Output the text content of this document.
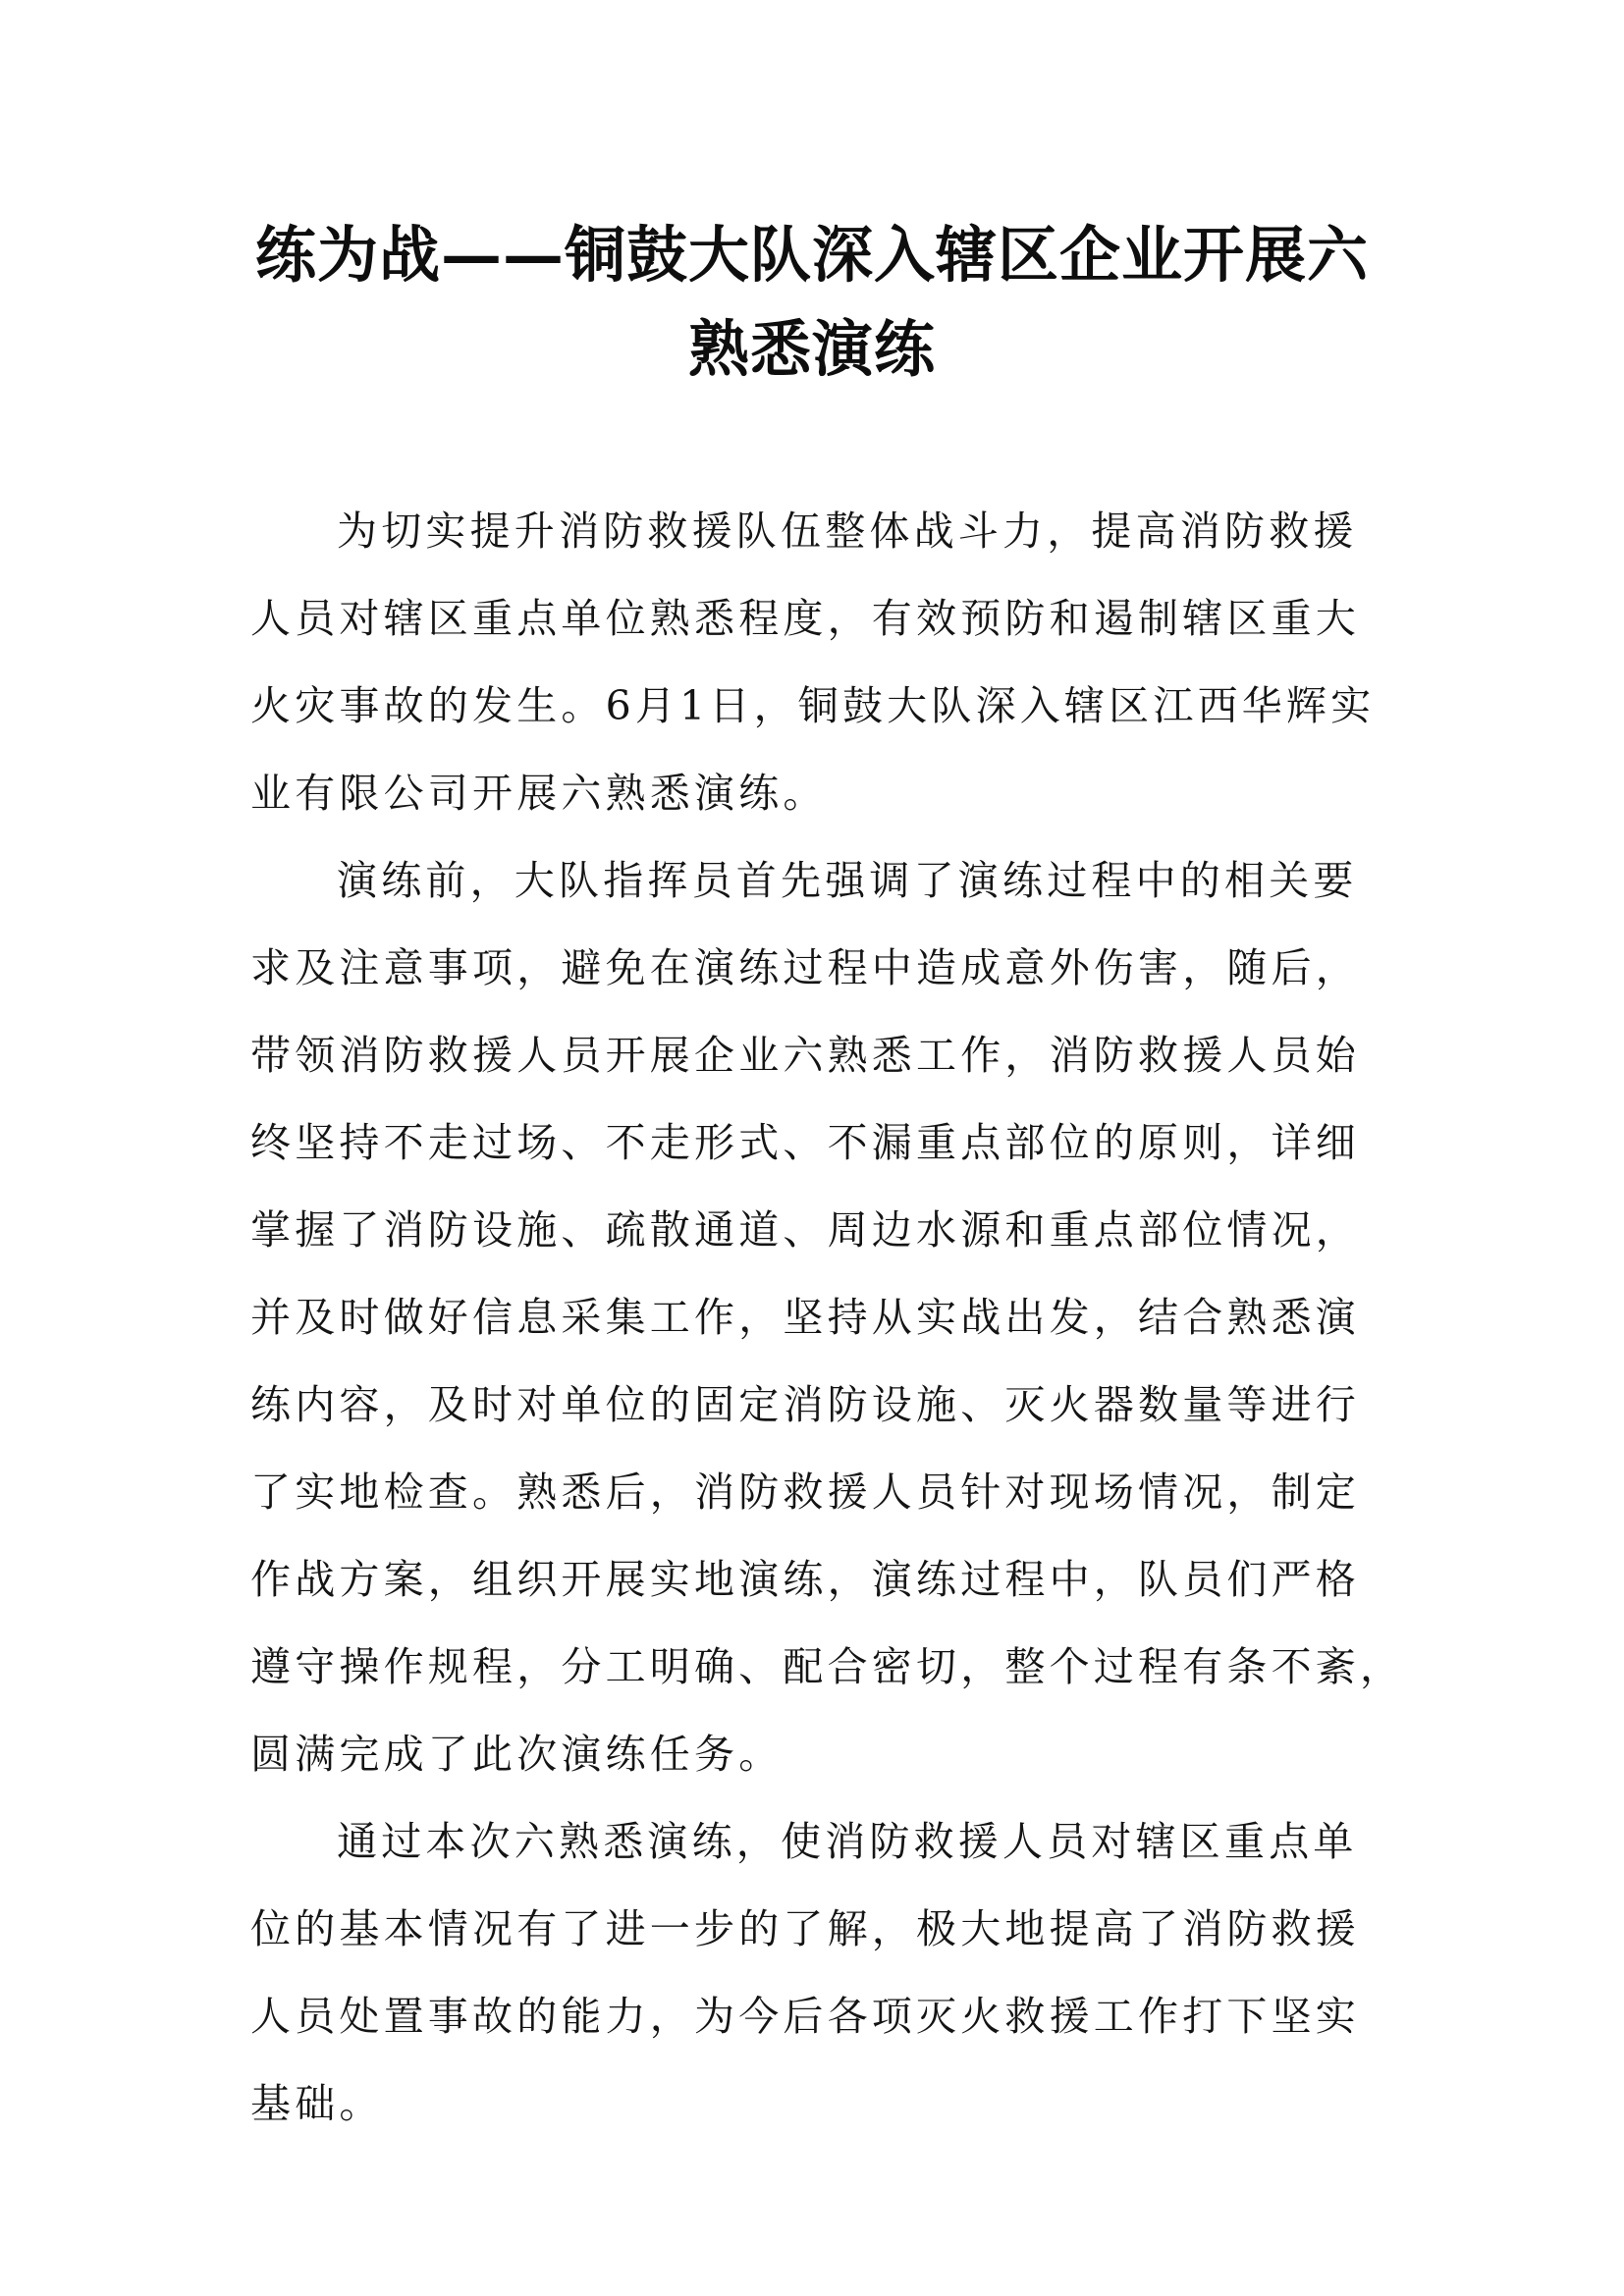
练为战——铜鼓大队深入辖区企业开展六
熟悉演练
为切实提升消防救援队伍整体战斗力，提高消防救援
人员对辖区重点单位熟悉程度，有效预防和遏制辖区重大
火灾事故的发生。6月1日，铜鼓大队深入辖区江西华辉实
业有限公司开展六熟悉演练。
演练前，大队指挥员首先强调了演练过程中的相关要
求及注意事项，避免在演练过程中造成意外伤害，随后，
带领消防救援人员开展企业六熟悉工作，消防救援人员始
终坚持不走过场、不走形式、不漏重点部位的原则，详细
掌握了消防设施、疏散通道、周边水源和重点部位情况，
并及时做好信息采集工作，坚持从实战出发，结合熟悉演
练内容，及时对单位的固定消防设施、灭火器数量等进行
了实地检查。熟悉后，消防救援人员针对现场情况，制定
作战方案，组织开展实地演练，演练过程中，队员们严格
遵守操作规程，分工明确、配合密切，整个过程有条不紊，
圆满完成了此次演练任务。
通过本次六熟悉演练，使消防救援人员对辖区重点单
位的基本情况有了进一步的了解，极大地提高了消防救援
人员处置事故的能力，为今后各项灭火救援工作打下坚实
基础。
